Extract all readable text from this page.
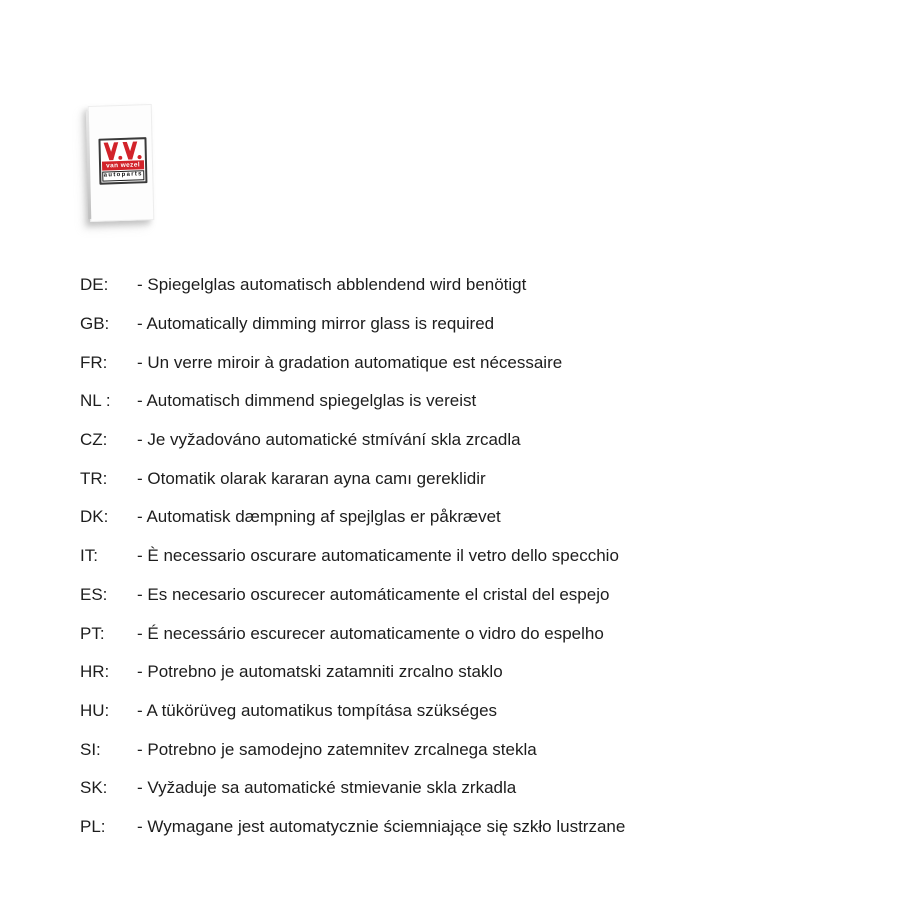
van wezel
autoparts
DE:	- Spiegelglas automatisch abblendend wird benötigt
GB:	- Automatically dimming mirror glass is required
FR:	- Un verre miroir à gradation automatique est nécessaire
NL :	- Automatisch dimmend spiegelglas is vereist
CZ:	- Je vyžadováno automatické stmívání skla zrcadla
TR:	- Otomatik olarak kararan ayna camı gereklidir
DK:	- Automatisk dæmpning af spejlglas er påkrævet
IT:	- È necessario oscurare automaticamente il vetro dello specchio
ES:	- Es necesario oscurecer automáticamente el cristal del espejo
PT:	- É necessário escurecer automaticamente o vidro do espelho
HR:	- Potrebno je automatski zatamniti zrcalno staklo
HU:	- A tükörüveg automatikus tompítása szükséges
SI:	- Potrebno je samodejno zatemnitev zrcalnega stekla
SK:	- Vyžaduje sa automatické stmievanie skla zrkadla
PL:	- Wymagane jest automatycznie ściemniające się szkło lustrzane
